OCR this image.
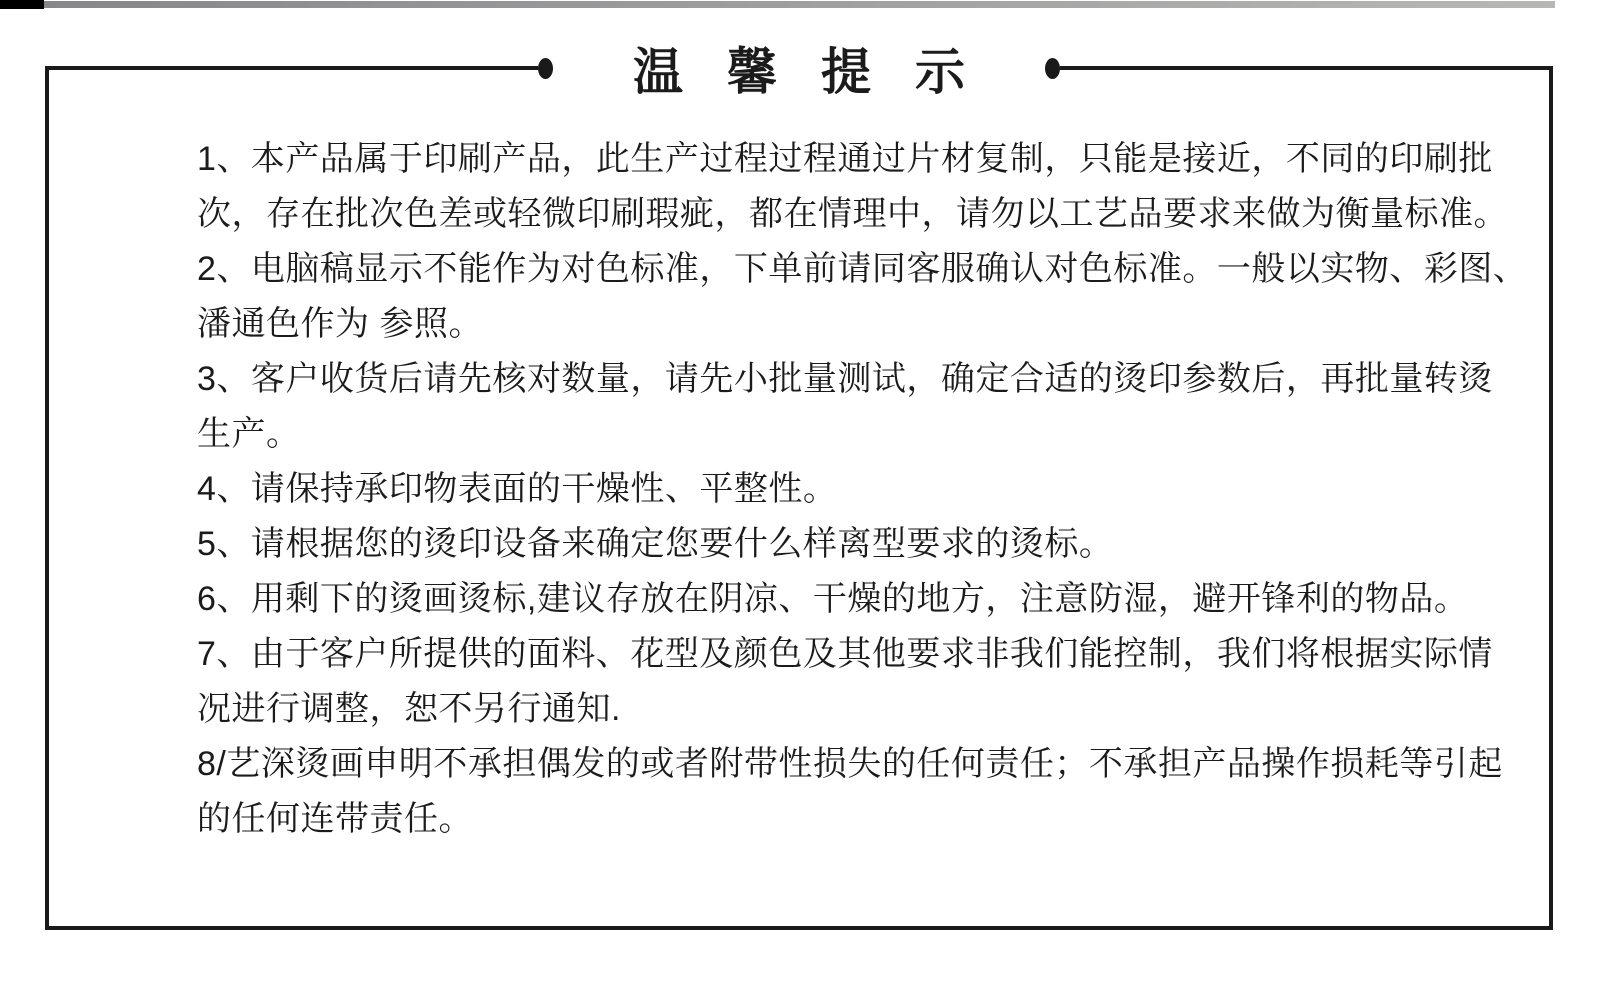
温馨提示

1、本产品属于印刷产品，此生产过程过程通过片材复制，只能是接近，不同的印刷批

次，存在批次色差或轻微印刷瑕疵，都在情理中，请勿以工艺品要求来做为衡量标准。

2、电脑稿显示不能作为对色标准，下单前请同客服确认对色标准。一般以实物、彩图、

潘通色作为 参照。

3、客户收货后请先核对数量，请先小批量测试，确定合适的烫印参数后，再批量转烫

生产。

4、请保持承印物表面的干燥性、平整性。

5、请根据您的烫印设备来确定您要什么样离型要求的烫标。

6、用剩下的烫画烫标,建议存放在阴凉、干燥的地方，注意防湿，避开锋利的物品。

7、由于客户所提供的面料、花型及颜色及其他要求非我们能控制，我们将根据实际情

况进行调整，恕不另行通知.

8/艺深烫画申明不承担偶发的或者附带性损失的任何责任；不承担产品操作损耗等引起

的任何连带责任。
